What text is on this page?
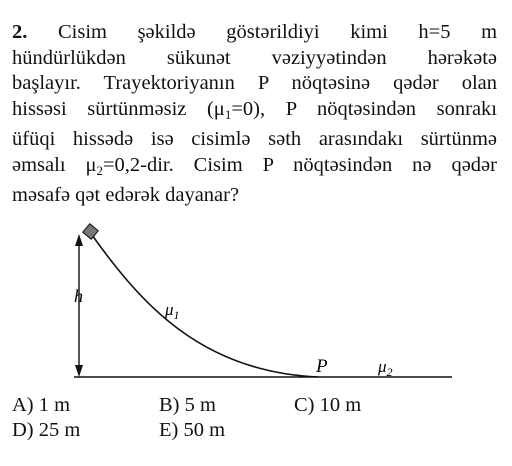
2. Cisim şəkildə göstərildiyi kimi h=5 m
hündürlükdən sükunət vəziyyətindən hərəkətə
başlayır. Trayektoriyanın P nöqtəsinə qədər olan
hissəsi sürtünməsiz $(\mu_1=0)$, P nöqtəsindən sonrakı
üfüqi hissədə isə cisimlə səth arasındakı sürtünmə
əmsalı $\mu_2=0,2$-dir. Cisim P nöqtəsindən nə qədər
məsafə qət edərək dayanar?
h
$\mu_1$
P	$\mu_2$
A) 1 m	B) 5 m	C) 10 m
D) 25 m	E) 50 m
